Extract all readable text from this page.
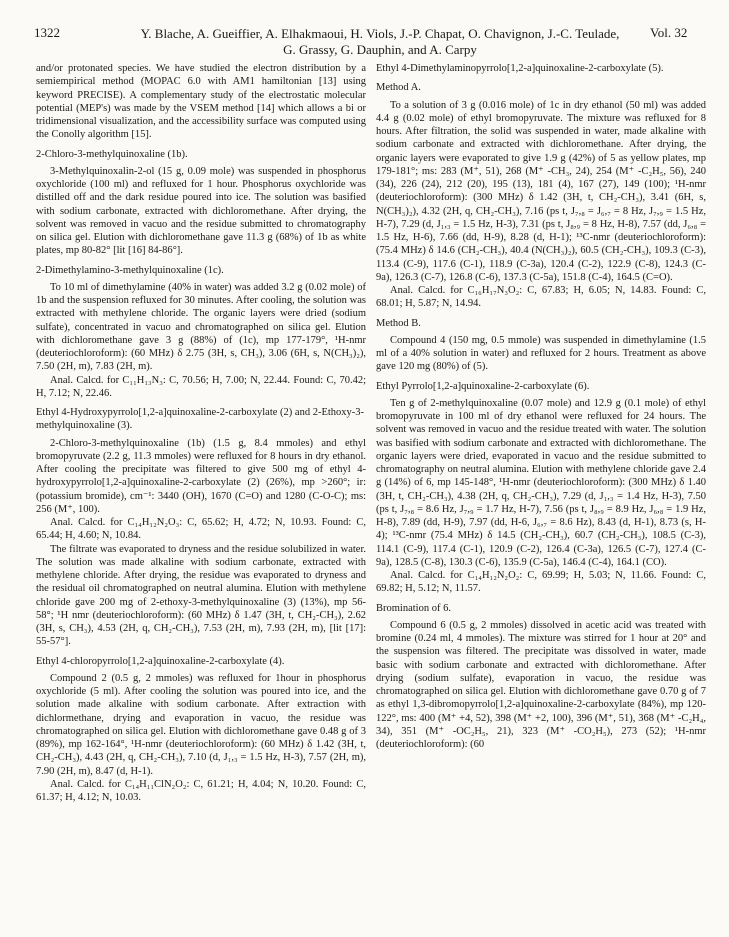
1322	Y. Blache, A. Gueiffier, A. Elhakmaoui, H. Viols, J.-P. Chapat, O. Chavignon, J.-C. Teulade, G. Grassy, G. Dauphin, and A. Carpy
Vol. 32

and/or protonated species. We have studied the electron distribution by a semiempirical method (MOPAC 6.0 with AM1 hamiltonian [13] using keyword PRECISE). A complementary study of the electrostatic molecular potential (MEP's) was made by the VSEM method [14] which allows a bi or tridimensional visualization, and the accessibility surface was computed using the Conolly algorithm [15].

2-Chloro-3-methylquinoxaline (1b).

3-Methylquinoxalin-2-ol (15 g, 0.09 mole) was suspended in phosphorus oxychloride (100 ml) and refluxed for 1 hour. Phosphorus oxychloride was distilled off and the dark residue poured into ice. The solution was basified with sodium carbonate, extracted with dichloromethane. After drying, the solvent was removed in vacuo and the residue submitted to chromatography on silica gel. Elution with dichloromethane gave 11.3 g (68%) of 1b as white plates, mp 80-82° [lit [16] 84-86°].

2-Dimethylamino-3-methylquinoxaline (1c).

To 10 ml of dimethylamine (40% in water) was added 3.2 g (0.02 mole) of 1b and the suspension refluxed for 30 minutes. After cooling, the solution was extracted with methylene chloride. The organic layers were dried (sodium sulfate), concentrated in vacuo and chromatographed on silica gel. Elution with dichloromethane gave 3 g (88%) of (1c), mp 177-179°, ¹H-nmr (deuteriochloroform): (60 MHz) δ 2.75 (3H, s, CH₃), 3.06 (6H, s, N(CH₃)₂), 7.50 (2H, m), 7.83 (2H, m).

Anal. Calcd. for C₁₁H₁₃N₃: C, 70.56; H, 7.00; N, 22.44. Found: C, 70.42; H, 7.12; N, 22.46.

Ethyl 4-Hydroxypyrrolo[1,2-a]quinoxaline-2-carboxylate (2) and 2-Ethoxy-3-methylquinoxaline (3).

2-Chloro-3-methylquinoxaline (1b) (1.5 g, 8.4 mmoles) and ethyl bromopyruvate (2.2 g, 11.3 mmoles) were refluxed for 8 hours in dry ethanol. After cooling the precipitate was filtered to give 500 mg of ethyl 4-hydroxypyrrolo[1,2-a]quinoxaline-2-carboxylate (2) (26%), mp >260°; ir: (potassium bromide), cm⁻¹: 3440 (OH), 1670 (C=O) and 1280 (C-O-C); ms: 256 (M⁺, 100).

Anal. Calcd. for C₁₄H₁₂N₂O₃: C, 65.62; H, 4.72; N, 10.93. Found: C, 65.44; H, 4.60; N, 10.84.

The filtrate was evaporated to dryness and the residue solubilized in water. The solution was made alkaline with sodium carbonate, extracted with methylene chloride. After drying, the residue was evaporated to dryness and the residual oil chromatographed on neutral alumina. Elution with methylene chloride gave 200 mg of 2-ethoxy-3-methylquinoxaline (3) (13%), mp 56-58°; ¹H nmr (deuteriochloroform): (60 MHz) δ 1.47 (3H, t, CH₂-CH₃), 2.62 (3H, s, CH₃), 4.53 (2H, q, CH₂-CH₃), 7.53 (2H, m), 7.93 (2H, m), [lit [17]: 55-57°].

Ethyl 4-chloropyrrolo[1,2-a]quinoxaline-2-carboxylate (4).

Compound 2 (0.5 g, 2 mmoles) was refluxed for 1hour in phosphorus oxychloride (5 ml). After cooling the solution was poured into ice, and the solution made alkaline with sodium carbonate. After extraction with dichlormethane, drying and evaporation in vacuo, the residue was chromatographed on silica gel. Elution with dichloromethane gave 0.48 g of 3 (89%), mp 162-164°, ¹H-nmr (deuteriochloroform): (60 MHz) δ 1.42 (3H, t, CH₂-CH₃), 4.43 (2H, q, CH₂-CH₃), 7.10 (d, J₁,₃ = 1.5 Hz, H-3), 7.57 (2H, m), 7.90 (2H, m), 8.47 (d, H-1).

Anal. Calcd. for C₁₄H₁₁ClN₂O₂: C, 61.21; H, 4.04; N, 10.20. Found: C, 61.37; H, 4.12; N, 10.03.

Ethyl 4-Dimethylaminopyrrolo[1,2-a]quinoxaline-2-carboxylate (5).

Method A.

To a solution of 3 g (0.016 mole) of 1c in dry ethanol (50 ml) was added 4.4 g (0.02 mole) of ethyl bromopyruvate. The mixture was refluxed for 8 hours. After filtration, the solid was suspended in water, made alkaline with sodium carbonate and extracted with dichloromethane. After drying, the organic layers were evaporated to give 1.9 g (42%) of 5 as yellow plates, mp 179-181°; ms: 283 (M⁺, 51), 268 (M⁺ -CH₃, 24), 254 (M⁺ -C₂H₅, 56), 240 (34), 226 (24), 212 (20), 195 (13), 181 (4), 167 (27), 149 (100); ¹H-nmr (deuteriochloroform): (300 MHz) δ 1.42 (3H, t, CH₂-CH₃), 3.41 (6H, s, N(CH₃)₂), 4.32 (2H, q, CH₂-CH₃), 7.16 (ps t, J₇,₈ = J₆,₇ = 8 Hz, J₇,₉ = 1.5 Hz, H-7), 7.29 (d, J₁,₃ = 1.5 Hz, H-3), 7.31 (ps t, J₈,₉ = 8 Hz, H-8), 7.57 (dd, J₆,₈ = 1.5 Hz, H-6), 7.66 (dd, H-9), 8.28 (d, H-1); ¹³C-nmr (deuteriochloroform): (75.4 MHz) δ 14.6 (CH₂-CH₃), 40.4 (N(CH₃)₂), 60.5 (CH₂-CH₃), 109.3 (C-3), 113.4 (C-9), 117.6 (C-1), 118.9 (C-3a), 120.4 (C-2), 122.9 (C-8), 124.3 (C-9a), 126.3 (C-7), 126.8 (C-6), 137.3 (C-5a), 151.8 (C-4), 164.5 (C=O).

Anal. Calcd. for C₁₆H₁₇N₃O₂: C, 67.83; H, 6.05; N, 14.83. Found: C, 68.01; H, 5.87; N, 14.94.

Method B.

Compound 4 (150 mg, 0.5 mmole) was suspended in dimethylamine (1.5 ml of a 40% solution in water) and refluxed for 2 hours. Treatment as above gave 120 mg (80%) of (5).

Ethyl Pyrrolo[1,2-a]quinoxaline-2-carboxylate (6).

Ten g of 2-methylquinoxaline (0.07 mole) and 12.9 g (0.1 mole) of ethyl bromopyruvate in 100 ml of dry ethanol were refluxed for 24 hours. The solvent was removed in vacuo and the residue treated with water. The solution was basified with sodium carbonate and extracted with dichloromethane. The organic layers were dried, evaporated in vacuo and the residue submitted to chromatography on neutral alumina. Elution with methylene chloride gave 2.4 g (14%) of 6, mp 145-148°, ¹H-nmr (deuteriochloroform): (300 MHz) δ 1.40 (3H, t, CH₂-CH₃), 4.38 (2H, q, CH₂-CH₃), 7.29 (d, J₁,₃ = 1.4 Hz, H-3), 7.50 (ps t, J₇,₈ = 8.6 Hz, J₇,₉ = 1.7 Hz, H-7), 7.56 (ps t, J₈,₉ = 8.9 Hz, J₆,₈ = 1.9 Hz, H-8), 7.89 (dd, H-9), 7.97 (dd, H-6, J₆,₇ = 8.6 Hz), 8.43 (d, H-1), 8.73 (s, H-4); ¹³C-nmr (75.4 MHz) δ 14.5 (CH₂-CH₃), 60.7 (CH₂-CH₃), 108.5 (C-3), 114.1 (C-9), 117.4 (C-1), 120.9 (C-2), 126.4 (C-3a), 126.5 (C-7), 127.4 (C-9a), 128.5 (C-8), 130.3 (C-6), 135.9 (C-5a), 146.4 (C-4), 164.1 (CO).

Anal. Calcd. for C₁₄H₁₂N₂O₂: C, 69.99; H, 5.03; N, 11.66. Found: C, 69.82; H, 5.12; N, 11.57.

Bromination of 6.

Compound 6 (0.5 g, 2 mmoles) dissolved in acetic acid was treated with bromine (0.24 ml, 4 mmoles). The mixture was stirred for 1 hour at 20° and the suspension was filtered. The precipitate was dissolved in water, made basic with sodium carbonate and extracted with dichloromethane. After drying (sodium sulfate), evaporation in vacuo, the residue was chromatographed on silica gel. Elution with dichloromethane gave 0.70 g of 7 as ethyl 1,3-dibromopyrrolo[1,2-a]quinoxaline-2-carboxylate (84%), mp 120-122°, ms: 400 (M⁺ +4, 52), 398 (M⁺ +2, 100), 396 (M⁺, 51), 368 (M⁺ -C₂H₄, 34), 351 (M⁺ -OC₂H₅, 21), 323 (M⁺ -CO₂H₅), 273 (52); ¹H-nmr (deuteriochloroform): (60
